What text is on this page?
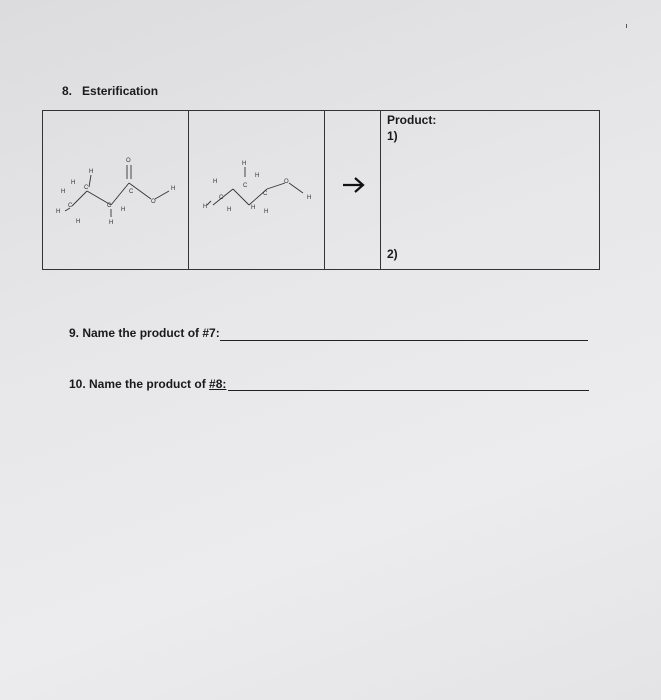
8. Esterification
O
C
O
H
C
H
H
H
C
H
H
C
H
H
H
C
H
H
C
H	H
C
H
H
O
H
Product:
1)
2)
9. Name the product of #7:
10. Name the product of #8:
